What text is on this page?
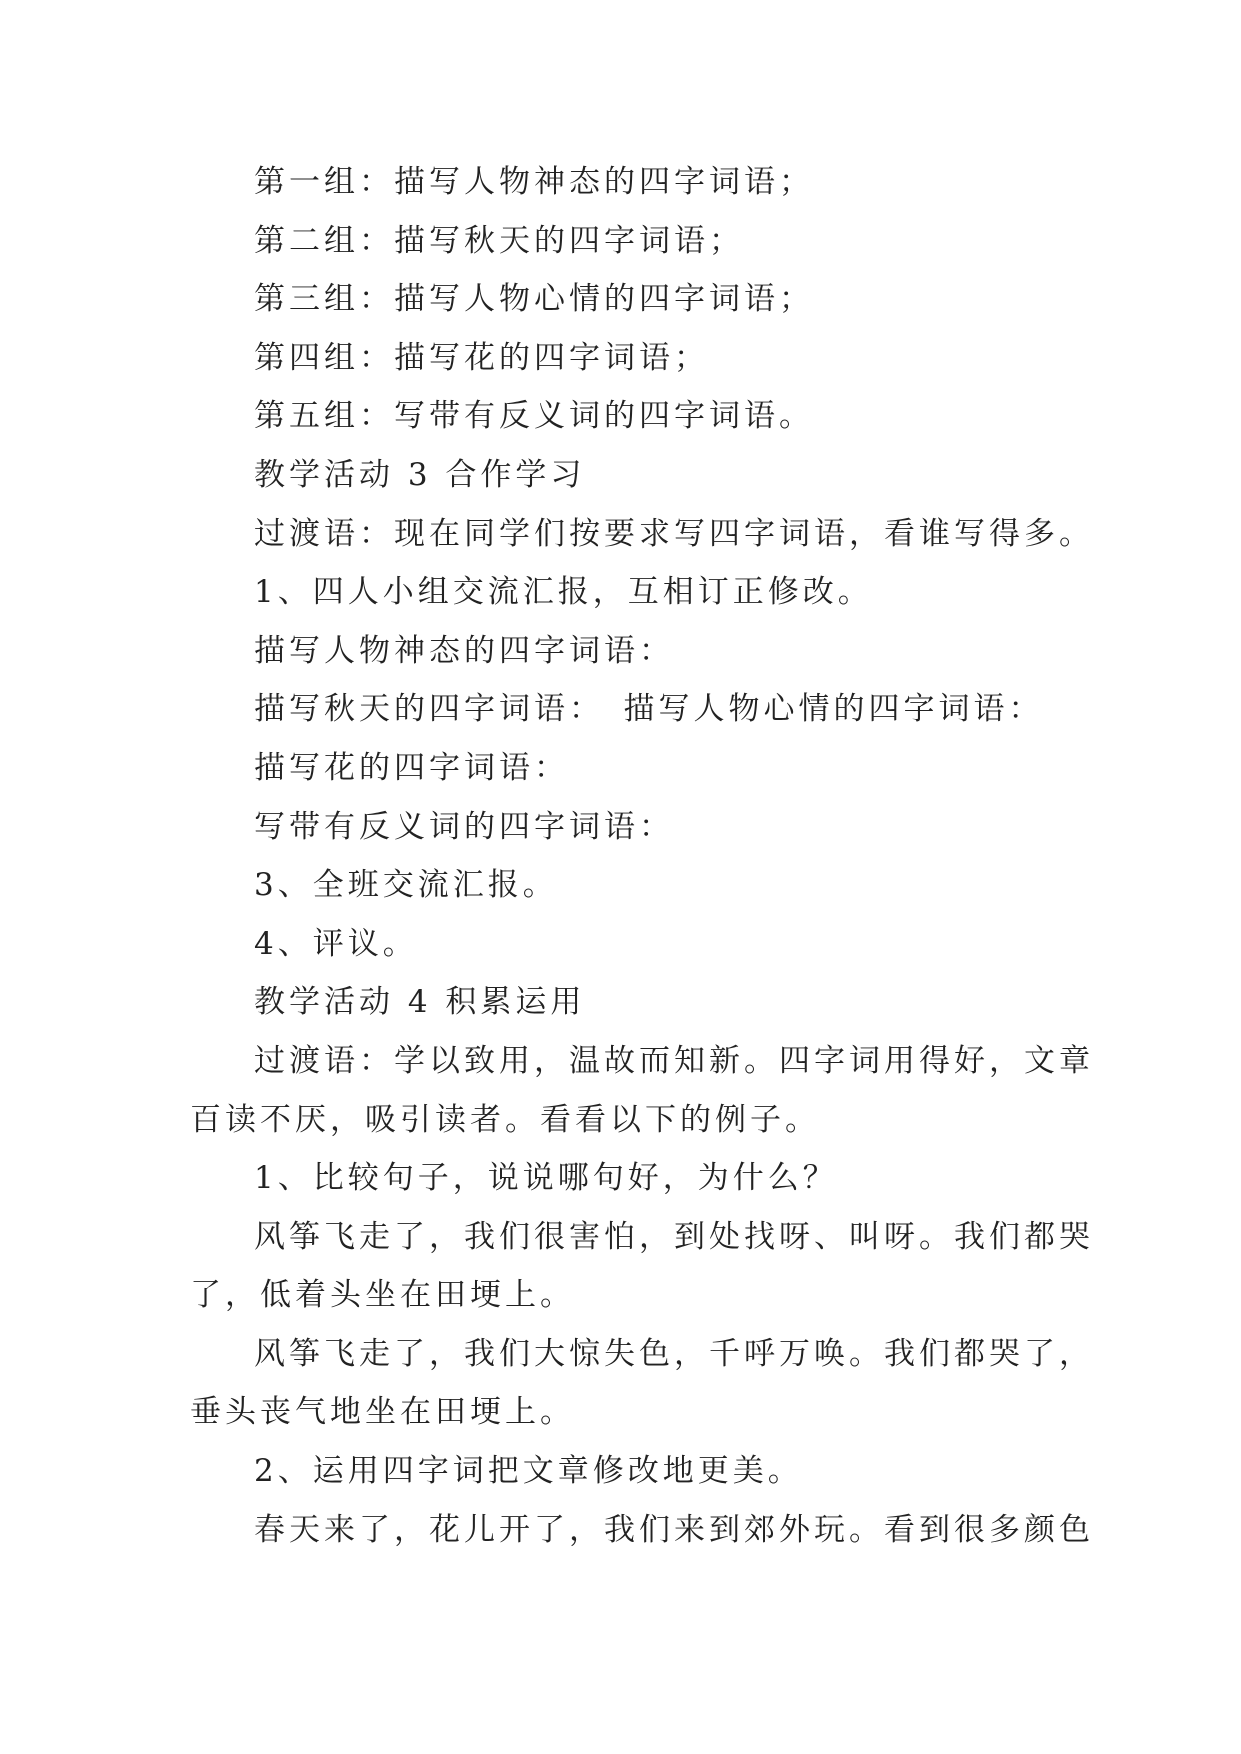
第一组：描写人物神态的四字词语；
第二组：描写秋天的四字词语；
第三组：描写人物心情的四字词语；
第四组：描写花的四字词语；
第五组：写带有反义词的四字词语。
教学活动 3 合作学习
过渡语：现在同学们按要求写四字词语，看谁写得多。
1、四人小组交流汇报，互相订正修改。
描写人物神态的四字词语：
描写秋天的四字词语：　描写人物心情的四字词语：
描写花的四字词语：
写带有反义词的四字词语：
3、全班交流汇报。
4、评议。
教学活动 4 积累运用
过渡语：学以致用，温故而知新。四字词用得好，文章
百读不厌，吸引读者。看看以下的例子。
1、比较句子，说说哪句好，为什么？
风筝飞走了，我们很害怕，到处找呀、叫呀。我们都哭
了，低着头坐在田埂上。
风筝飞走了，我们大惊失色，千呼万唤。我们都哭了，
垂头丧气地坐在田埂上。
2、运用四字词把文章修改地更美。
春天来了，花儿开了，我们来到郊外玩。看到很多颜色
